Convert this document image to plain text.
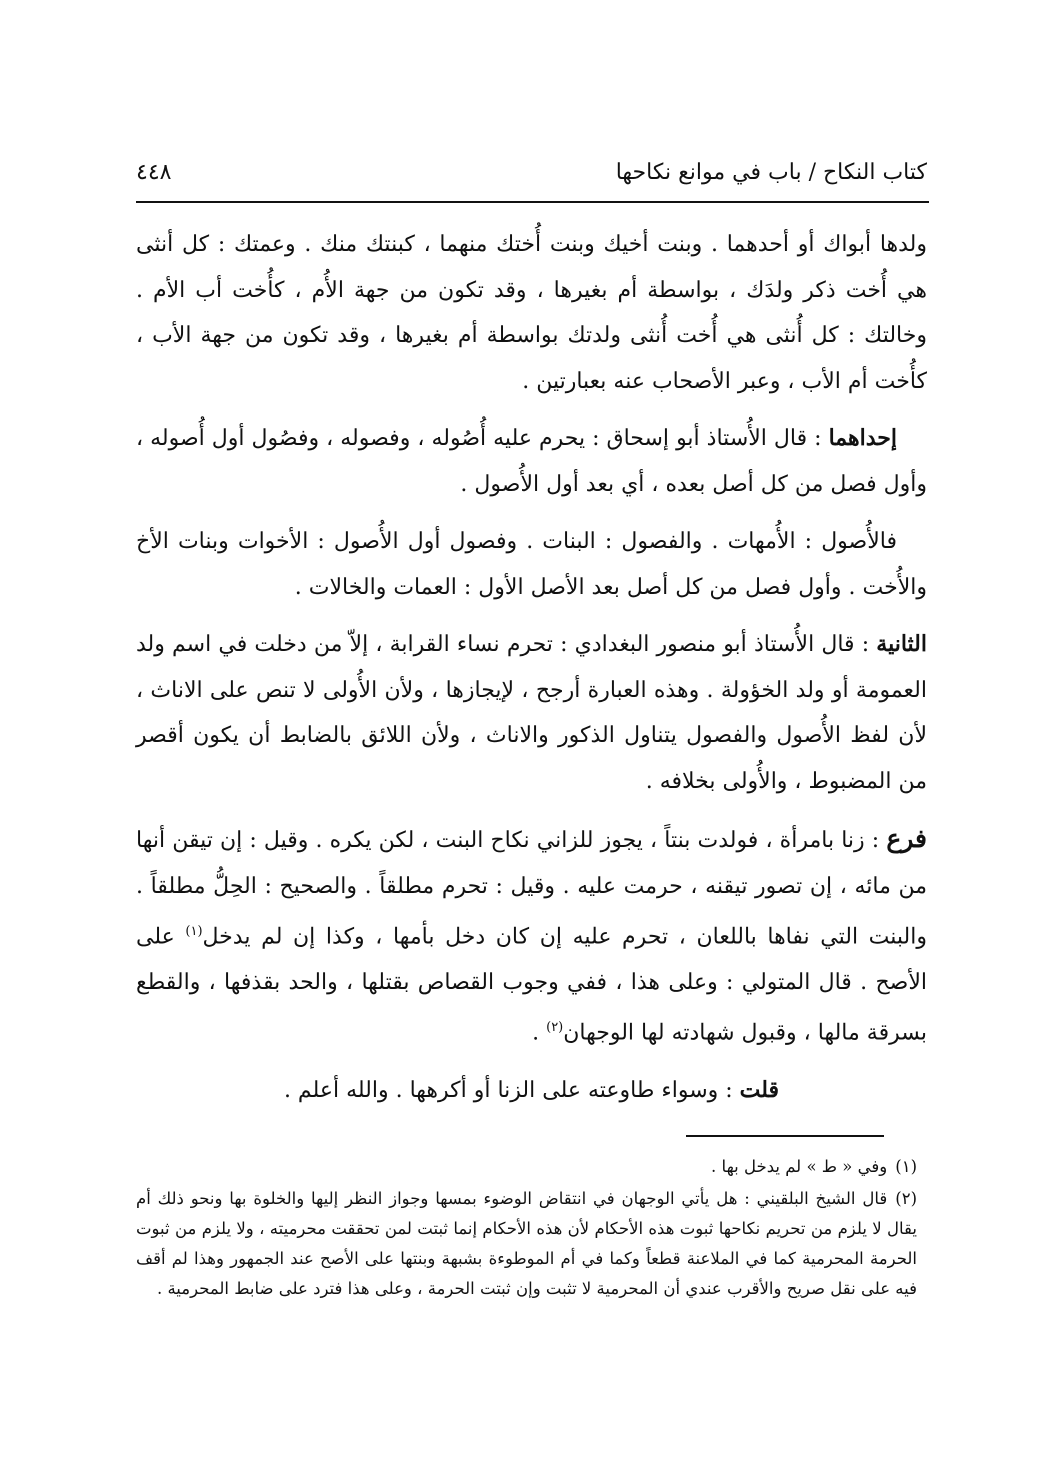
كتاب النكاح / باب في موانع نكاحها
٤٤٨

ولدها أبواك أو أحدهما . وبنت أخيك وبنت أُختك منهما ، كبنتك منك . وعمتك : كل أنثى هي أُخت ذكر ولدَك ، بواسطة أم بغيرها ، وقد تكون من جهة الأُم ، كأُخت أب الأم . وخالتك : كل أُنثى هي أُخت أُنثى ولدتك بواسطة أم بغيرها ، وقد تكون من جهة الأب ، كأُخت أم الأب ، وعبر الأصحاب عنه بعبارتين .

إحداهما : قال الأُستاذ أبو إسحاق : يحرم عليه أُصُوله ، وفصوله ، وفصُول أول أُصوله ، وأول فصل من كل أصل بعده ، أي بعد أول الأُصول .

فالأُصول : الأُمهات . والفصول : البنات . وفصول أول الأُصول : الأخوات وبنات الأخ والأُخت . وأول فصل من كل أصل بعد الأصل الأول : العمات والخالات .

الثانية : قال الأُستاذ أبو منصور البغدادي : تحرم نساء القرابة ، إلاّ من دخلت في اسم ولد العمومة أو ولد الخؤولة . وهذه العبارة أرجح ، لإيجازها ، ولأن الأُولى لا تنص على الاناث ، لأن لفظ الأُصول والفصول يتناول الذكور والاناث ، ولأن اللائق بالضابط أن يكون أقصر من المضبوط ، والأُولى بخلافه .

فرع : زنا بامرأة ، فولدت بنتاً ، يجوز للزاني نكاح البنت ، لكن يكره . وقيل : إن تيقن أنها من مائه ، إن تصور تيقنه ، حرمت عليه . وقيل : تحرم مطلقاً . والصحيح : الحِلُّ مطلقاً . والبنت التي نفاها باللعان ، تحرم عليه إن كان دخل بأمها ، وكذا إن لم يدخل$^{(١)}$ على الأصح . قال المتولي : وعلى هذا ، ففي وجوب القصاص بقتلها ، والحد بقذفها ، والقطع بسرقة مالها ، وقبول شهادته لها الوجهان$^{(٢)}$ .

قلت : وسواء طاوعته على الزنا أو أكرهها . والله أعلم .

(١)وفي « ط » لم يدخل بها .

(٢)قال الشيخ البلقيني : هل يأتي الوجهان في انتقاض الوضوء بمسها وجواز النظر إليها والخلوة بها ونحو ذلك أم يقال لا يلزم من تحريم نكاحها ثبوت هذه الأحكام لأن هذه الأحكام إنما ثبتت لمن تحققت محرميته ، ولا يلزم من ثبوت الحرمة المحرمية كما في الملاعنة قطعاً وكما في أم الموطوءة بشبهة وبنتها على الأصح عند الجمهور وهذا لم أقف فيه على نقل صريح والأقرب عندي أن المحرمية لا تثبت وإن ثبتت الحرمة ، وعلى هذا فترد على ضابط المحرمية .
